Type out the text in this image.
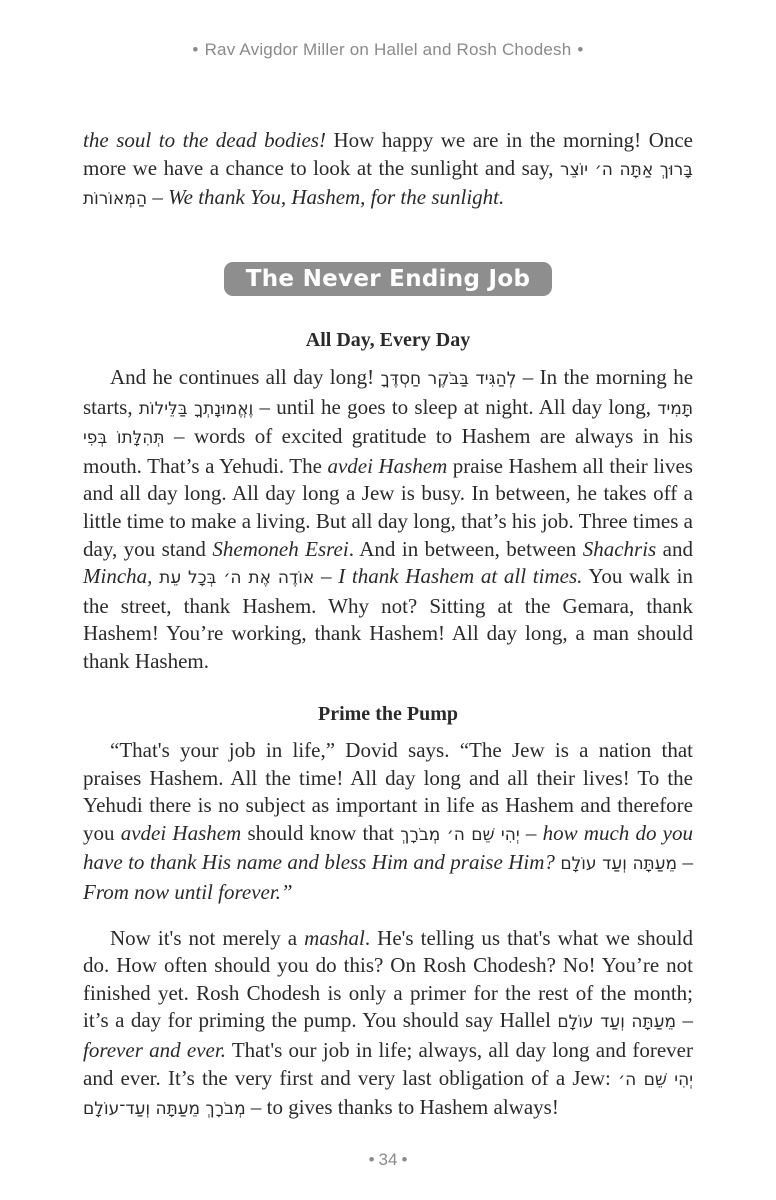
• Rav Avigdor Miller on Hallel and Rosh Chodesh •

the soul to the dead bodies! How happy we are in the morning! Once more we have a chance to look at the sunlight and say, בָּרוּךְ אַתָּה ה׳ יוֹצֵר הַמְּאוֹרוֹת – We thank You, Hashem, for the sunlight.

The Never Ending Job
All Day, Every Day

And he continues all day long! לְהַגִּיד בַּבֹּקֶר חַסְדֶּךָ – In the morning he starts, וֶאֱמוּנָתְךָ בַּלֵּילוֹת – until he goes to sleep at night. All day long, תָּמִיד תְּהִלָּתוֹ בְּפִי – words of excited gratitude to Hashem are always in his mouth. That’s a Yehudi. The avdei Hashem praise Hashem all their lives and all day long. All day long a Jew is busy. In between, he takes off a little time to make a living. But all day long, that’s his job. Three times a day, you stand Shemoneh Esrei. And in between, between Shachris and Mincha, אוֹדֶה אֶת ה׳ בְּכָל עֵת – I thank Hashem at all times. You walk in the street, thank Hashem. Why not? Sitting at the Gemara, thank Hashem! You’re working, thank Hashem! All day long, a man should thank Hashem.

Prime the Pump

“That's your job in life,” Dovid says. “The Jew is a nation that praises Hashem. All the time! All day long and all their lives! To the Yehudi there is no subject as important in life as Hashem and therefore you avdei Hashem should know that יְהִי שֵׁם ה׳ מְבֹרָךְ – how much do you have to thank His name and bless Him and praise Him? מֵעַתָּה וְעַד עוֹלָם – From now until forever.”

Now it's not merely a mashal. He's telling us that's what we should do. How often should you do this? On Rosh Chodesh? No! You’re not finished yet. Rosh Chodesh is only a primer for the rest of the month; it’s a day for priming the pump. You should say Hallel מֵעַתָּה וְעַד עוֹלָם – forever and ever. That's our job in life; always, all day long and forever and ever. It’s the very first and very last obligation of a Jew: יְהִי שֵׁם ה׳ מְבֹרָךְ מֵעַתָּה וְעַד־עוֹלָם – to gives thanks to Hashem always!

• 34 •
